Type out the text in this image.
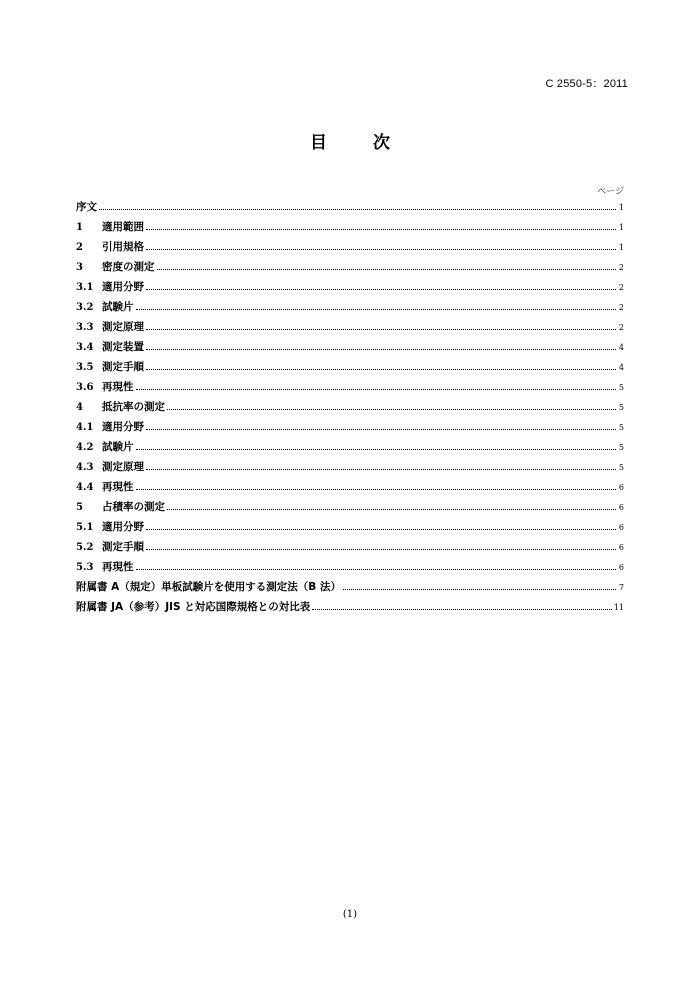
C 2550-5：2011
目 次
ページ
序文	1
1	適用範囲	1
2	引用規格	1
3	密度の測定	2
3.1 適用分野	2
3.2 試験片	2
3.3 測定原理	2
3.4 測定装置	4
3.5 測定手順	4
3.6 再現性	5
4	抵抗率の測定	5
4.1 適用分野	5
4.2 試験片	5
4.3 測定原理	5
4.4 再現性	6
5	占積率の測定	6
5.1 適用分野	6
5.2 測定手順	6
5.3 再現性	6
附属書 A（規定）単板試験片を使用する測定法（B 法）	7
附属書 JA（参考）JIS と対応国際規格との対比表	11
(1)
